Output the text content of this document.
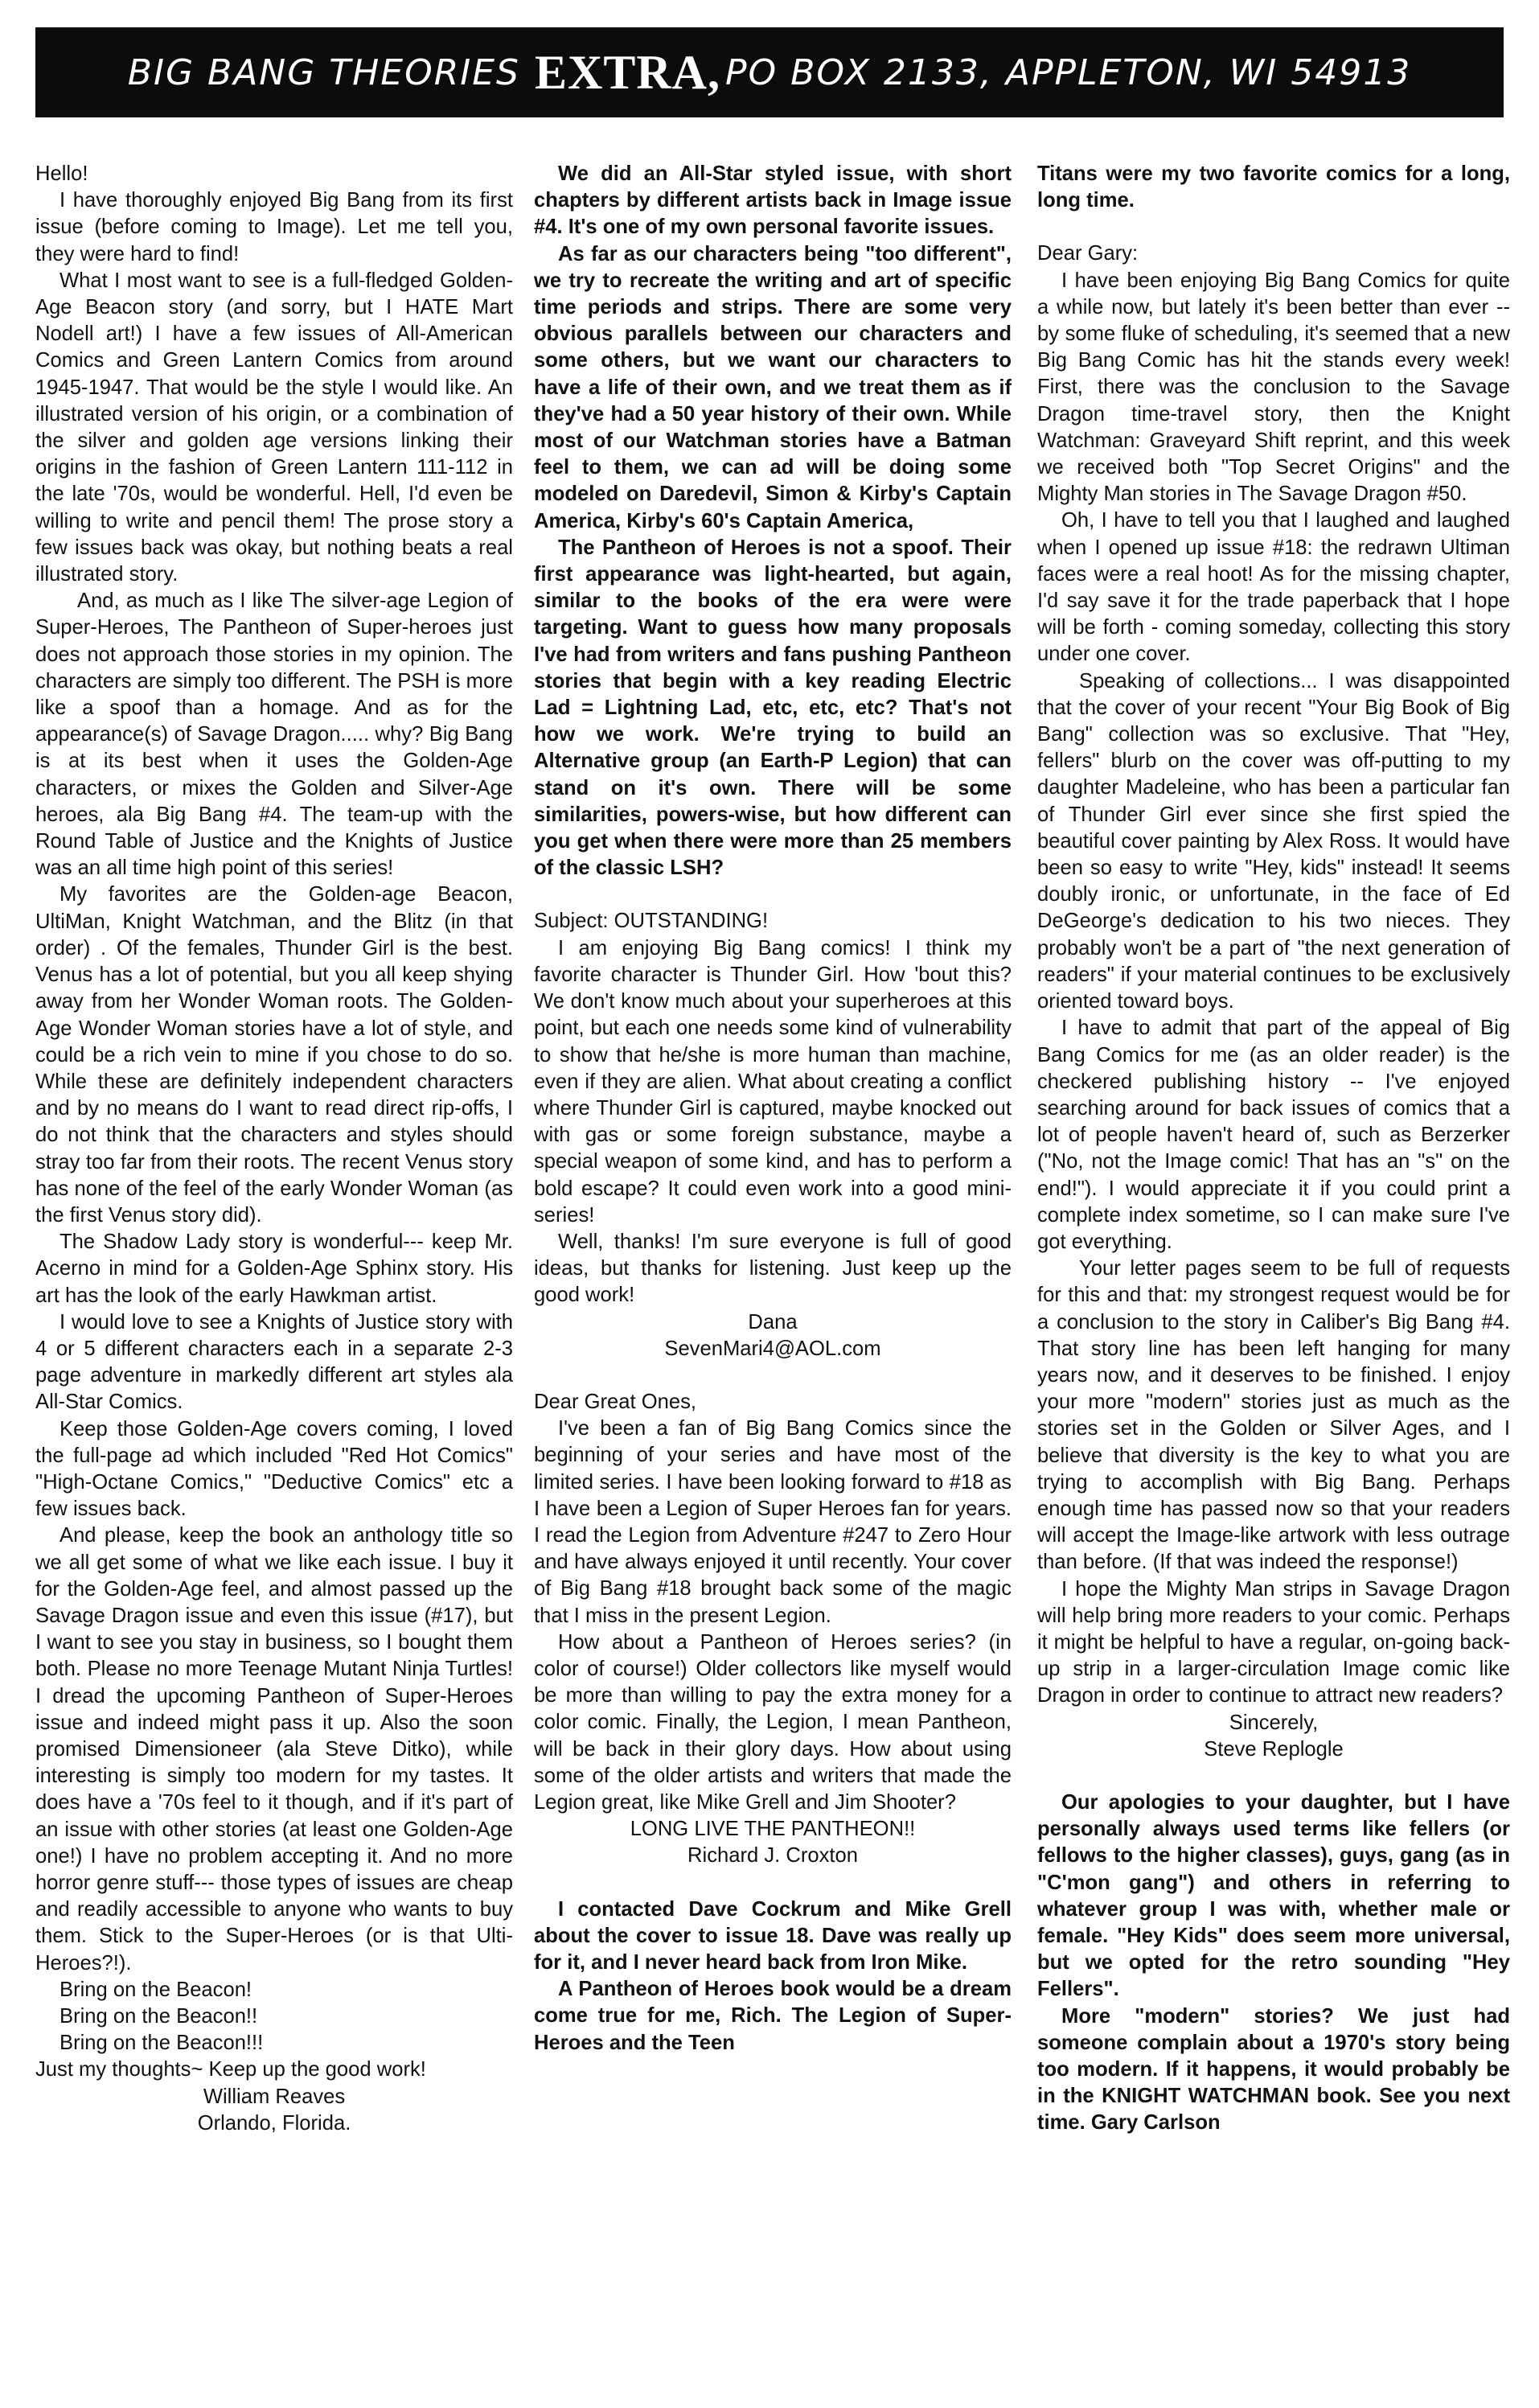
BIG BANG THEORIES EXTRA, PO BOX 2133, APPLETON, WI 54913

Hello!

I have thoroughly enjoyed Big Bang from its first issue (before coming to Image). Let me tell you, they were hard to find!

What I most want to see is a full-fledged Golden-Age Beacon story (and sorry, but I HATE Mart Nodell art!) I have a few issues of All-American Comics and Green Lantern Comics from around 1945-1947. That would be the style I would like. An illustrated version of his origin, or a combination of the silver and golden age versions linking their origins in the fashion of Green Lantern 111-112 in the late '70s, would be wonderful. Hell, I'd even be willing to write and pencil them! The prose story a few issues back was okay, but nothing beats a real illustrated story.

And, as much as I like The silver-age Legion of Super-Heroes, The Pantheon of Super-heroes just does not approach those stories in my opinion. The characters are simply too different. The PSH is more like a spoof than a homage. And as for the appearance(s) of Savage Dragon..... why? Big Bang is at its best when it uses the Golden-Age characters, or mixes the Golden and Silver-Age heroes, ala Big Bang #4. The team-up with the Round Table of Justice and the Knights of Justice was an all time high point of this series!

My favorites are the Golden-age Beacon, UltiMan, Knight Watchman, and the Blitz (in that order) . Of the females, Thunder Girl is the best. Venus has a lot of potential, but you all keep shying away from her Wonder Woman roots. The Golden-Age Wonder Woman stories have a lot of style, and could be a rich vein to mine if you chose to do so. While these are definitely independent characters and by no means do I want to read direct rip-offs, I do not think that the characters and styles should stray too far from their roots. The recent Venus story has none of the feel of the early Wonder Woman (as the first Venus story did).

The Shadow Lady story is wonderful--- keep Mr. Acerno in mind for a Golden-Age Sphinx story. His art has the look of the early Hawkman artist.

I would love to see a Knights of Justice story with 4 or 5 different characters each in a separate 2-3 page adventure in markedly different art styles ala All-Star Comics.

Keep those Golden-Age covers coming, I loved the full-page ad which included "Red Hot Comics" "High-Octane Comics," "Deductive Comics" etc a few issues back.

And please, keep the book an anthology title so we all get some of what we like each issue. I buy it for the Golden-Age feel, and almost passed up the Savage Dragon issue and even this issue (#17), but I want to see you stay in business, so I bought them both. Please no more Teenage Mutant Ninja Turtles! I dread the upcoming Pantheon of Super-Heroes issue and indeed might pass it up. Also the soon promised Dimensioneer (ala Steve Ditko), while interesting is simply too modern for my tastes. It does have a '70s feel to it though, and if it's part of an issue with other stories (at least one Golden-Age one!) I have no problem accepting it. And no more horror genre stuff--- those types of issues are cheap and readily accessible to anyone who wants to buy them. Stick to the Super-Heroes (or is that Ulti-Heroes?!).

Bring on the Beacon!

Bring on the Beacon!!

Bring on the Beacon!!!

Just my thoughts~ Keep up the good work!

William Reaves

Orlando, Florida.

We did an All-Star styled issue, with short chapters by different artists back in Image issue #4. It's one of my own personal favorite issues.

As far as our characters being "too different", we try to recreate the writing and art of specific time periods and strips. There are some very obvious parallels between our characters and some others, but we want our characters to have a life of their own, and we treat them as if they've had a 50 year history of their own. While most of our Watchman stories have a Batman feel to them, we can ad will be doing some modeled on Daredevil, Simon & Kirby's Captain America, Kirby's 60's Captain America,

The Pantheon of Heroes is not a spoof. Their first appearance was light-hearted, but again, similar to the books of the era were were targeting. Want to guess how many proposals I've had from writers and fans pushing Pantheon stories that begin with a key reading Electric Lad = Lightning Lad, etc, etc, etc? That's not how we work. We're trying to build an Alternative group (an Earth-P Legion) that can stand on it's own. There will be some similarities, powers-wise, but how different can you get when there were more than 25 members of the classic LSH?

Subject: OUTSTANDING!

I am enjoying Big Bang comics! I think my favorite character is Thunder Girl. How 'bout this? We don't know much about your superheroes at this point, but each one needs some kind of vulnerability to show that he/she is more human than machine, even if they are alien. What about creating a conflict where Thunder Girl is captured, maybe knocked out with gas or some foreign substance, maybe a special weapon of some kind, and has to perform a bold escape? It could even work into a good mini-series!

Well, thanks! I'm sure everyone is full of good ideas, but thanks for listening. Just keep up the good work!

Dana

SevenMari4@AOL.com

Dear Great Ones,

I've been a fan of Big Bang Comics since the beginning of your series and have most of the limited series. I have been looking forward to #18 as I have been a Legion of Super Heroes fan for years. I read the Legion from Adventure #247 to Zero Hour and have always enjoyed it until recently. Your cover of Big Bang #18 brought back some of the magic that I miss in the present Legion.

How about a Pantheon of Heroes series? (in color of course!) Older collectors like myself would be more than willing to pay the extra money for a color comic. Finally, the Legion, I mean Pantheon, will be back in their glory days. How about using some of the older artists and writers that made the Legion great, like Mike Grell and Jim Shooter?

LONG LIVE THE PANTHEON!!

Richard J. Croxton

I contacted Dave Cockrum and Mike Grell about the cover to issue 18. Dave was really up for it, and I never heard back from Iron Mike.

A Pantheon of Heroes book would be a dream come true for me, Rich. The Legion of Super-Heroes and the Teen

Titans were my two favorite comics for a long, long time.

Dear Gary:

I have been enjoying Big Bang Comics for quite a while now, but lately it's been better than ever -- by some fluke of scheduling, it's seemed that a new Big Bang Comic has hit the stands every week! First, there was the conclusion to the Savage Dragon time-travel story, then the Knight Watchman: Graveyard Shift reprint, and this week we received both "Top Secret Origins" and the Mighty Man stories in The Savage Dragon #50.

Oh, I have to tell you that I laughed and laughed when I opened up issue #18: the redrawn Ultiman faces were a real hoot! As for the missing chapter, I'd say save it for the trade paperback that I hope will be forth - coming someday, collecting this story under one cover.

Speaking of collections... I was disappointed that the cover of your recent "Your Big Book of Big Bang" collection was so exclusive. That "Hey, fellers" blurb on the cover was off-putting to my daughter Madeleine, who has been a particular fan of Thunder Girl ever since she first spied the beautiful cover painting by Alex Ross. It would have been so easy to write "Hey, kids" instead! It seems doubly ironic, or unfortunate, in the face of Ed DeGeorge's dedication to his two nieces. They probably won't be a part of "the next generation of readers" if your material continues to be exclusively oriented toward boys.

I have to admit that part of the appeal of Big Bang Comics for me (as an older reader) is the checkered publishing history -- I've enjoyed searching around for back issues of comics that a lot of people haven't heard of, such as Berzerker ("No, not the Image comic! That has an "s" on the end!"). I would appreciate it if you could print a complete index sometime, so I can make sure I've got everything.

Your letter pages seem to be full of requests for this and that: my strongest request would be for a conclusion to the story in Caliber's Big Bang #4. That story line has been left hanging for many years now, and it deserves to be finished. I enjoy your more "modern" stories just as much as the stories set in the Golden or Silver Ages, and I believe that diversity is the key to what you are trying to accomplish with Big Bang. Perhaps enough time has passed now so that your readers will accept the Image-like artwork with less outrage than before. (If that was indeed the response!)

I hope the Mighty Man strips in Savage Dragon will help bring more readers to your comic. Perhaps it might be helpful to have a regular, on-going back-up strip in a larger-circulation Image comic like Dragon in order to continue to attract new readers?

Sincerely,

Steve Replogle

Our apologies to your daughter, but I have personally always used terms like fellers (or fellows to the higher classes), guys, gang (as in "C'mon gang") and others in referring to whatever group I was with, whether male or female. "Hey Kids" does seem more universal, but we opted for the retro sounding "Hey Fellers".

More "modern" stories? We just had someone complain about a 1970's story being too modern. If it happens, it would probably be in the KNIGHT WATCHMAN book. See you next time. Gary Carlson
